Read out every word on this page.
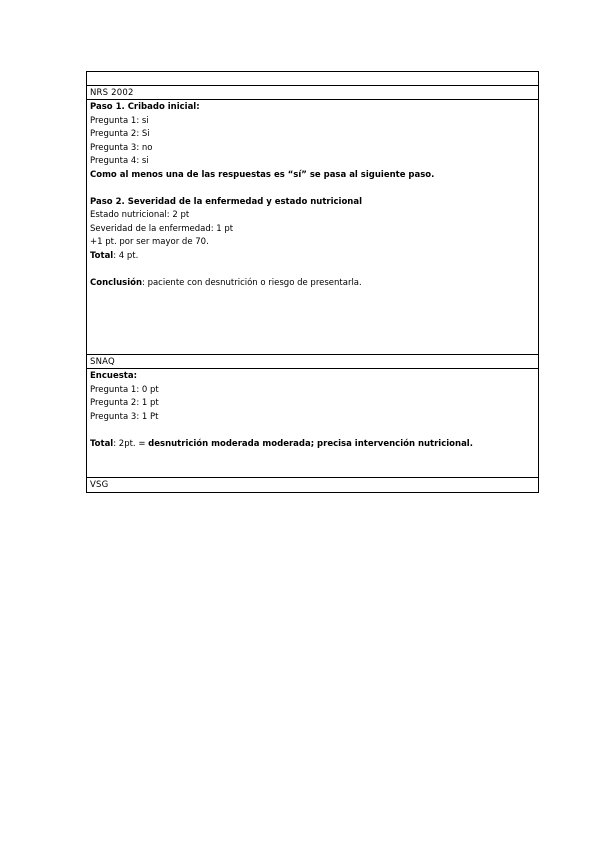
NRS 2002
Paso 1. Cribado inicial:
Pregunta 1: si
Pregunta 2: Si
Pregunta 3: no
Pregunta 4: si
Como al menos una de las respuestas es “sí” se pasa al siguiente paso.
Paso 2. Severidad de la enfermedad y estado nutricional
Estado nutricional: 2 pt
Severidad de la enfermedad: 1 pt
+1 pt. por ser mayor de 70.
Total: 4 pt.
Conclusión: paciente con desnutrición o riesgo de presentarla.
SNAQ
Encuesta:
Pregunta 1: 0 pt
Pregunta 2: 1 pt
Pregunta 3: 1 Pt
Total: 2pt. = desnutrición moderada moderada; precisa intervención nutricional.
VSG
